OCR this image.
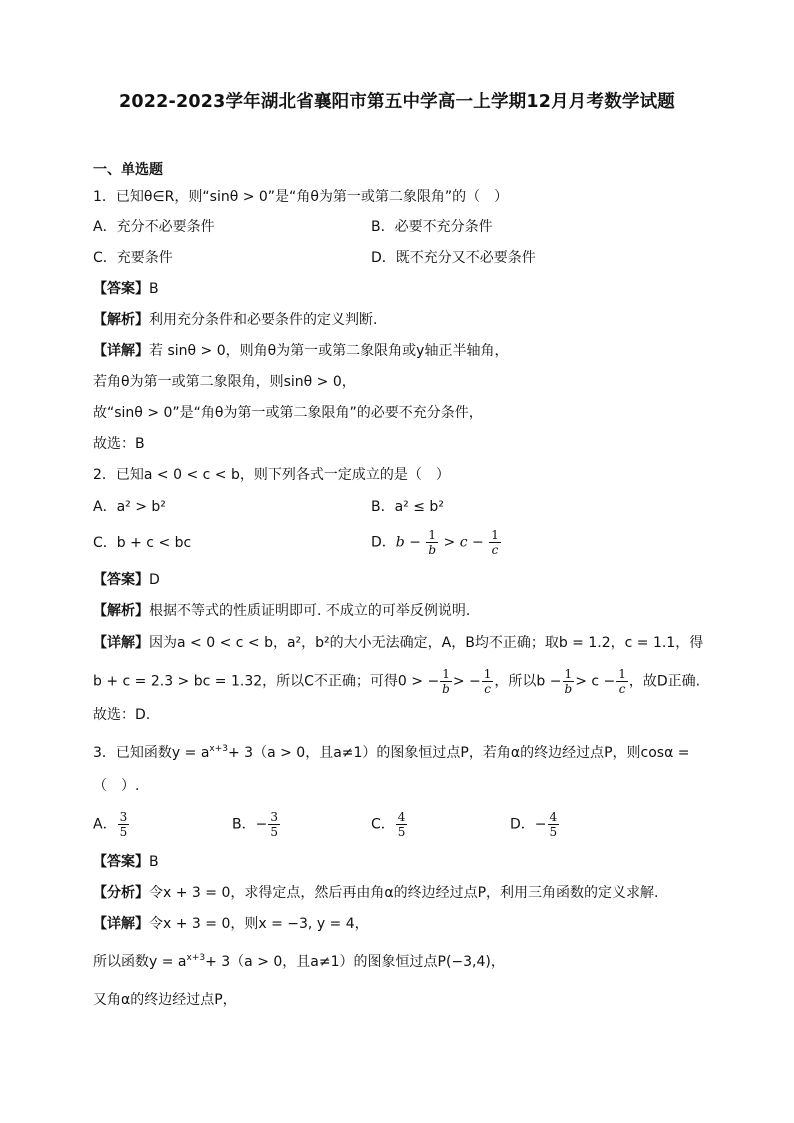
2022-2023学年湖北省襄阳市第五中学高一上学期12月月考数学试题
一、单选题
1．已知θ∈R，则“sinθ > 0”是“角θ为第一或第二象限角”的（　）
A．充分不必要条件	B．必要不充分条件
C．充要条件	D．既不充分又不必要条件
【答案】B
【解析】利用充分条件和必要条件的定义判断.
【详解】若 sinθ > 0，则角θ为第一或第二象限角或y轴正半轴角，
若角θ为第一或第二象限角，则sinθ > 0，
故“sinθ > 0”是“角θ为第一或第二象限角”的必要不充分条件，
故选：B
2．已知a < 0 < c < b，则下列各式一定成立的是（　）
A．a² > b²	B．a² ≤ b²
C．b + c < bc	D．$b - \frac{1}{b} > c - \frac{1}{c}$
【答案】D
【解析】根据不等式的性质证明即可. 不成立的可举反例说明.
【详解】因为a < 0 < c < b，a²，b²的大小无法确定，A，B均不正确；取b = 1.2，c = 1.1，得
b + c = 2.3 > bc = 1.32，所以C不正确；可得0 > − $\frac{1}{b}$ > − $\frac{1}{c}$ ，所以$b - \frac{1}{b} > c - \frac{1}{c}$ ，故D正确.
故选：D.
3．已知函数$y = a^{x+3}+ 3(a > 0$，且a≠1）的图象恒过点P，若角α的终边经过点P，则cosα =
（　）.
A． $\frac{3}{5}$	B．− $\frac{3}{5}$	C． $\frac{4}{5}$	D．− $\frac{4}{5}$
【答案】B
【分析】令x + 3 = 0，求得定点，然后再由角α的终边经过点P，利用三角函数的定义求解.
【详解】令x + 3 = 0，则x = −3, y = 4，
所以函数$y = a^{x+3}+ 3(a > 0$，且a≠1）的图象恒过点P(−3,4)，
又角α的终边经过点P，
